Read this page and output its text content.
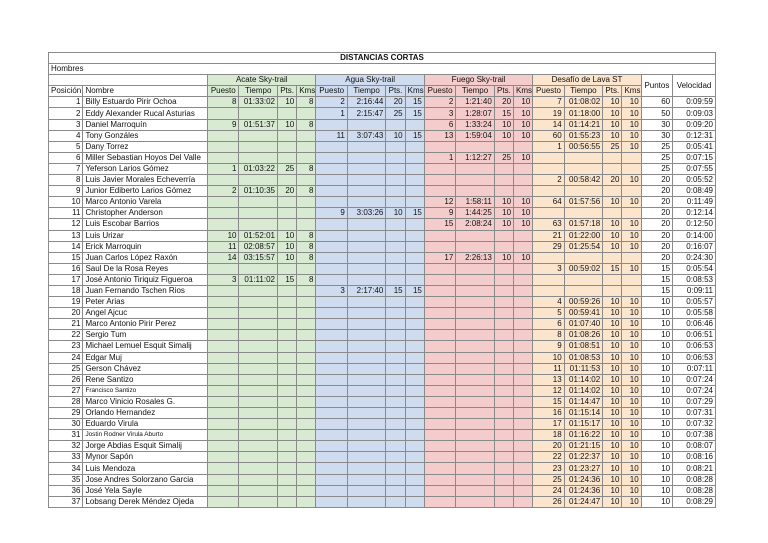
DISTANCIAS CORTAS																			
Hombres																			
		Acate Sky-trail				Agua Sky-trail				Fuego Sky-trail				Desafío de Lava ST				Puntos	Velocidad
Posición	Nombre	Puesto	Tiempo	Pts.	Kms	Puesto	Tiempo	Pts.	Kms	Puesto	Tiempo	Pts.	Kms	Puesto	Tiempo	Pts.	Kms		
1	Billy Estuardo Pirir Ochoa	8	01:33:02	10	8	2	2:16:44	20	15	2	1:21:40	20	10	7	01:08:02	10	10	60	0:09:59
2	Eddy Alexander Rucal Asturias					1	2:15:47	25	15	3	1:28:07	15	10	19	01:18:00	10	10	50	0:09:03
3	Daniel Marroquín	9	01:51:37	10	8					6	1:33:24	10	10	14	01:14:21	10	10	30	0:09:20
4	Tony Gonzáles					11	3:07:43	10	15	13	1:59:04	10	10	60	01:55:23	10	10	30	0:12:31
5	Dany Torrez													1	00:56:55	25	10	25	0:05:41
6	Miller Sebastian Hoyos Del Valle									1	1:12:27	25	10					25	0:07:15
7	Yeferson Larios Gómez	1	01:03:22	25	8													25	0:07:55
8	Luis Javier Morales Echeverría													2	00:58:42	20	10	20	0:05:52
9	Junior Ediberto Larios Gómez	2	01:10:35	20	8													20	0:08:49
10	Marco Antonio Varela									12	1:58:11	10	10	64	01:57:56	10	10	20	0:11:49
11	Christopher Anderson					9	3:03:26	10	15	9	1:44:25	10	10					20	0:12:14
12	Luis Escobar Barrios									15	2:08:24	10	10	63	01:57:18	10	10	20	0:12:50
13	Luis Urizar	10	01:52:01	10	8									21	01:22:00	10	10	20	0:14:00
14	Erick Marroquin	11	02:08:57	10	8									29	01:25:54	10	10	20	0:16:07
15	Juan Carlos López Raxón	14	03:15:57	10	8					17	2:26:13	10	10					20	0:24:30
16	Saul De la Rosa Reyes													3	00:59:02	15	10	15	0:05:54
17	José Antonio Tiriquiz Figueroa	3	01:11:02	15	8													15	0:08:53
18	Juan Fernando Tschen Rios					3	2:17:40	15	15									15	0:09:11
19	Peter Arias													4	00:59:26	10	10	10	0:05:57
20	Angel Ajcuc													5	00:59:41	10	10	10	0:05:58
21	Marco Antonio Pirir Perez													6	01:07:40	10	10	10	0:06:46
22	Sergio Tum													8	01:08:26	10	10	10	0:06:51
23	Michael Lemuel Esquit Simalij													9	01:08:51	10	10	10	0:06:53
24	Edgar Muj													10	01:08:53	10	10	10	0:06:53
25	Gerson Chávez													11	01:11:53	10	10	10	0:07:11
26	Rene Santizo													13	01:14:02	10	10	10	0:07:24
27	Francisco Santizo													12	01:14:02	10	10	10	0:07:24
28	Marco Vinicio Rosales G.													15	01:14:47	10	10	10	0:07:29
29	Orlando Hernandez													16	01:15:14	10	10	10	0:07:31
30	Eduardo Virula													17	01:15:17	10	10	10	0:07:32
31	Jostin Rodner Virula Aburto													18	01:16:22	10	10	10	0:07:38
32	Jorge Abdias Esquit Simalij													20	01:21:15	10	10	10	0:08:07
33	Mynor Sapón													22	01:22:37	10	10	10	0:08:16
34	Luis Mendoza													23	01:23:27	10	10	10	0:08:21
35	Jose Andres Solorzano Garcia													25	01:24:36	10	10	10	0:08:28
36	José Yela Sayle													24	01:24:36	10	10	10	0:08:28
37	Lobsang Derek Méndez Ojeda													26	01:24:47	10	10	10	0:08:29
